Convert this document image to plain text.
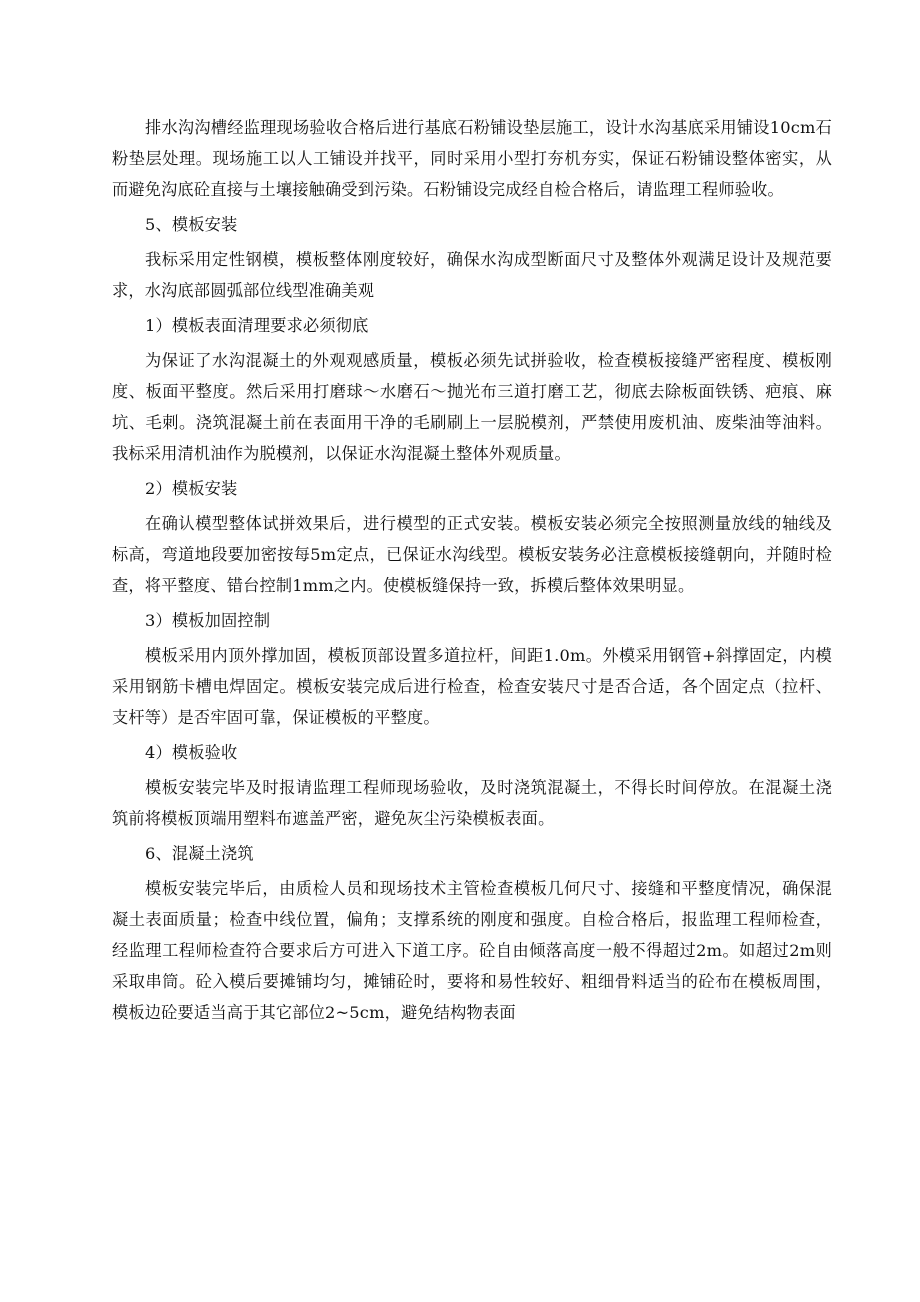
排水沟沟槽经监理现场验收合格后进行基底石粉铺设垫层施工，设计水沟基底采用铺设10cm石粉垫层处理。现场施工以人工铺设并找平，同时采用小型打夯机夯实，保证石粉铺设整体密实，从而避免沟底砼直接与土壤接触确受到污染。石粉铺设完成经自检合格后，请监理工程师验收。

5、模板安装

我标采用定性钢模，模板整体刚度较好，确保水沟成型断面尺寸及整体外观满足设计及规范要求，水沟底部圆弧部位线型准确美观

1）模板表面清理要求必须彻底

为保证了水沟混凝土的外观观感质量，模板必须先试拼验收，检查模板接缝严密程度、模板刚度、板面平整度。然后采用打磨球～水磨石～抛光布三道打磨工艺，彻底去除板面铁锈、疤痕、麻坑、毛刺。浇筑混凝土前在表面用干净的毛刷刷上一层脱模剂，严禁使用废机油、废柴油等油料。我标采用清机油作为脱模剂，以保证水沟混凝土整体外观质量。

2）模板安装

在确认模型整体试拼效果后，进行模型的正式安装。模板安装必须完全按照测量放线的轴线及标高，弯道地段要加密按每5m定点，已保证水沟线型。模板安装务必注意模板接缝朝向，并随时检查，将平整度、错台控制1mm之内。使模板缝保持一致，拆模后整体效果明显。

3）模板加固控制

模板采用内顶外撑加固，模板顶部设置多道拉杆，间距1.0m。外模采用钢管+斜撑固定，内模采用钢筋卡槽电焊固定。模板安装完成后进行检查，检查安装尺寸是否合适，各个固定点（拉杆、支杆等）是否牢固可靠，保证模板的平整度。

4）模板验收

模板安装完毕及时报请监理工程师现场验收，及时浇筑混凝土，不得长时间停放。在混凝土浇筑前将模板顶端用塑料布遮盖严密，避免灰尘污染模板表面。

6、混凝土浇筑

模板安装完毕后，由质检人员和现场技术主管检查模板几何尺寸、接缝和平整度情况，确保混凝土表面质量；检查中线位置，偏角；支撑系统的刚度和强度。自检合格后，报监理工程师检查，经监理工程师检查符合要求后方可进入下道工序。砼自由倾落高度一般不得超过2m。如超过2m则采取串筒。砼入模后要摊铺均匀，摊铺砼时，要将和易性较好、粗细骨料适当的砼布在模板周围，模板边砼要适当高于其它部位2~5cm，避免结构物表面
